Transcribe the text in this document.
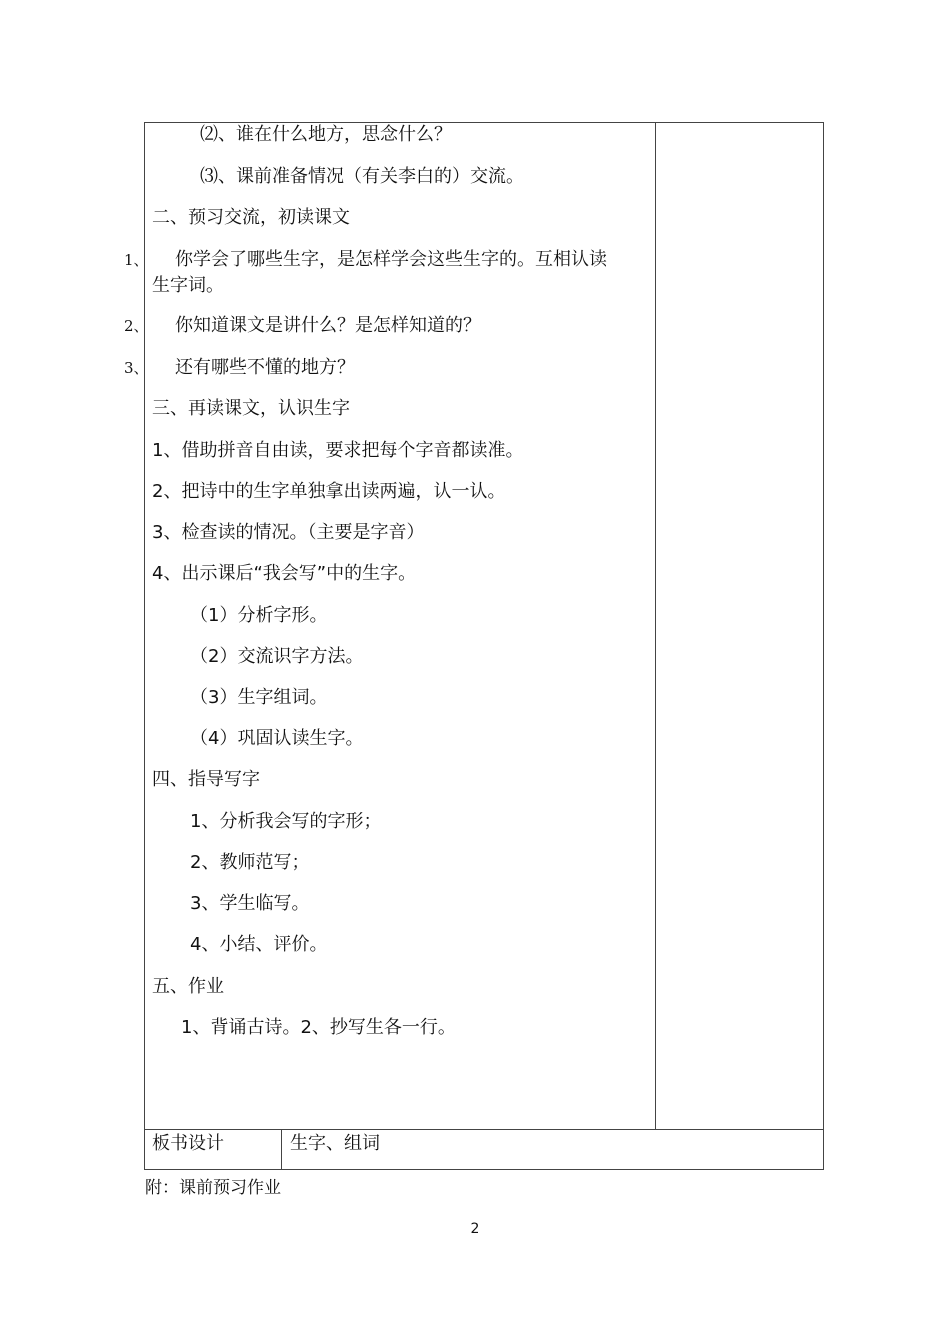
⑵、谁在什么地方，思念什么？
⑶、课前准备情况（有关李白的）交流。
二、预习交流，初读课文
1、 你学会了哪些生字，是怎样学会这些生字的。互相认读
生字词。
2、 你知道课文是讲什么？是怎样知道的？
3、 还有哪些不懂的地方？
三、再读课文，认识生字
1、借助拼音自由读，要求把每个字音都读准。
2、把诗中的生字单独拿出读两遍，认一认。
3、检查读的情况。（主要是字音）
4、出示课后“我会写”中的生字。
（1）分析字形。
（2）交流识字方法。
（3）生字组词。
（4）巩固认读生字。
四、指导写字
1、分析我会写的字形；
2、教师范写；
3、学生临写。
4、小结、评价。
五、作业
1、背诵古诗。2、抄写生各一行。
板书设计	生字、组词
附：课前预习作业
2
